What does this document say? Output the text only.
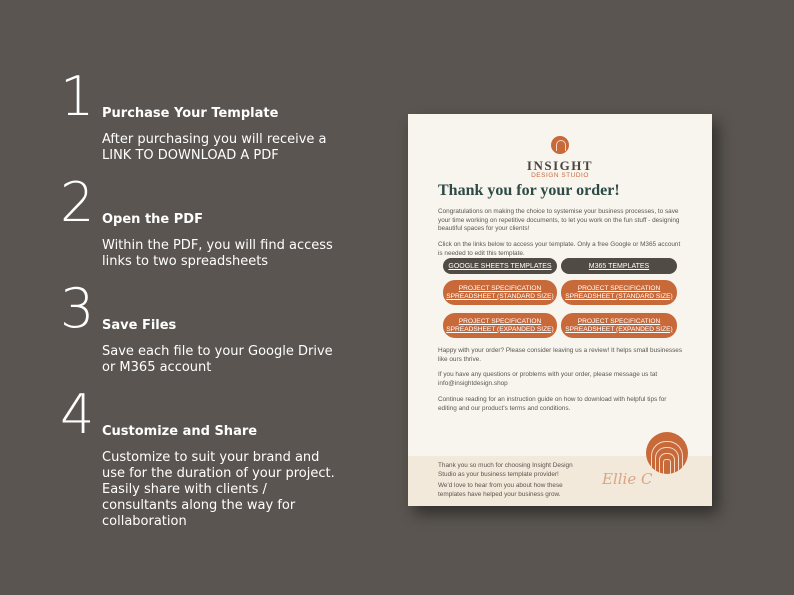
1 Purchase Your Template
After purchasing you will receive a LINK TO DOWNLOAD A PDF
2 Open the PDF
Within the PDF, you will find access links to two spreadsheets
3 Save Files
Save each file to your Google Drive or M365 account
4 Customize and Share
Customize to suit your brand and use for the duration of your project. Easily share with clients / consultants along the way for collaboration
INSIGHT
DESIGN STUDIO
Thank you for your order!
Congratulations on making the choice to systemise your business processes, to save your time working on repetitive documents, to let you work on the fun stuff - designing beautiful spaces for your clients!
Click on the links below to access your template. Only a free Google or M365 account is needed to edit this template.
GOOGLE SHEETS TEMPLATES	M365 TEMPLATES
PROJECT SPECIFICATION SPREADSHEET (STANDARD SIZE)
PROJECT SPECIFICATION SPREADSHEET (STANDARD SIZE)
PROJECT SPECIFICATION SPREADSHEET (EXPANDED SIZE)
PROJECT SPECIFICATION SPREADSHEET (EXPANDED SIZE)
Happy with your order? Please consider leaving us a review! It helps small businesses like ours thrive.
If you have any questions or problems with your order, please message us tat info@insightdesign.shop
Continue reading for an instruction guide on how to download with helpful tips for editing and our product's terms and conditions.
Thank you so much for choosing Insight Design Studio as your business template provider!
We'd love to hear from you about how these templates have helped your business grow.
Ellie C
